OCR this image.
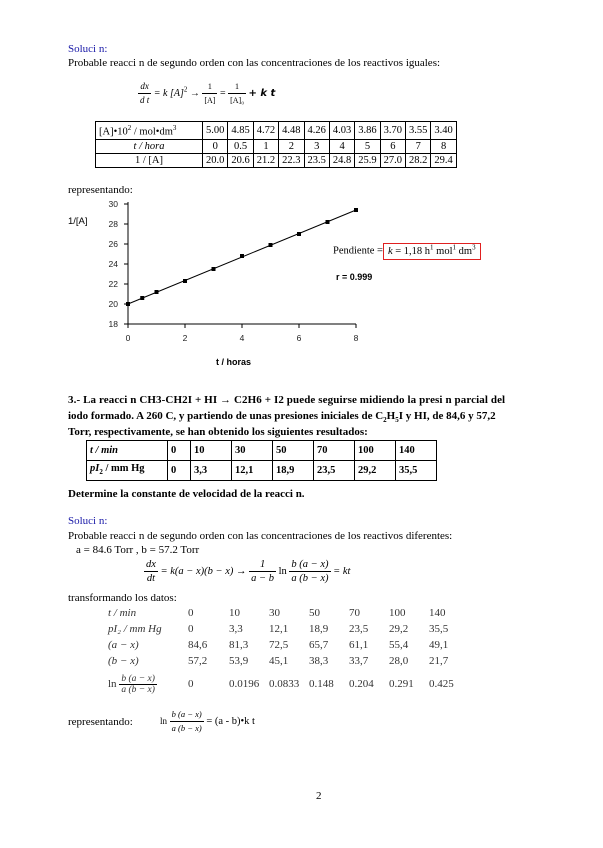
Soluci n:
Probable reacci n de segundo orden con las concentraciones de los reactivos iguales:
$\frac{dx}{\text{d t}} = k$ $[A]^2 \to \frac{1}{[A]} = \frac{1}{\text{[A]₀}} + k$ t
$[A]•10^2$ / $mol•dm^3$	5.00	4.85	4.72	4.48	4.26	4.03	3.86	3.70	3.55	3.40
t / hora	0	0.5	1	2	3	4	5	6	7	8
1 / [A]	20.0	20.6	21.2	22.3	23.5	24.8	25.9	27.0	28.2	29.4
representando:
1/[A]
18
20
22
24
26
28
30
0	2	4	6	8
t / horas
Pendiente = k = 1,18 $h^1$ mol$^1$ $dm^3$
r = 0.999
3.- La reacci n CH3-CH2I + HI → C2H6 + I2 puede seguirse midiendo la presi n parcial del
iodo formado. A 260 C, y partiendo de unas presiones iniciales de $C_2H_5I$ y HI, de 84,6 y 57,2
Torr, respectivamente, se han obtenido los siguientes resultados:
t / min	0	10	30	50	70	100	140
$pI_2$ / mm Hg	0	3,3	12,1	18,9	23,5	29,2	35,5
Determine la constante de velocidad de la reacci n.
Soluci n:
Probable reacci n de segundo orden con las concentraciones de los reactivos diferentes:
a = 84.6 Torr , b = 57.2 Torr
$\frac{dx}{dt} = k(a - x)(b - x) \to \frac{1}{a - b}$ $\ln \frac{b (a - x)}{a (b - x)}$ = kt
transformando los datos:
t / min	0	10	30	50	70	100	140
pI₂ / mm Hg	0	3,3	12,1	18,9	23,5	29,2	35,5
(a − x)	84,6	81,3	72,5	65,7	61,1	55,4	49,1
(b − x)	57,2	53,9	45,1	38,3	33,7	28,0	21,7
$\ln \frac{b (a - x)}{a (b - x)}$	0	0.0196	0.0833	0.148	0.204	0.291	0.425
representando:	$\ln \frac{b (a - x)}{a (b - x)} = (a$ - b)•k t
2
